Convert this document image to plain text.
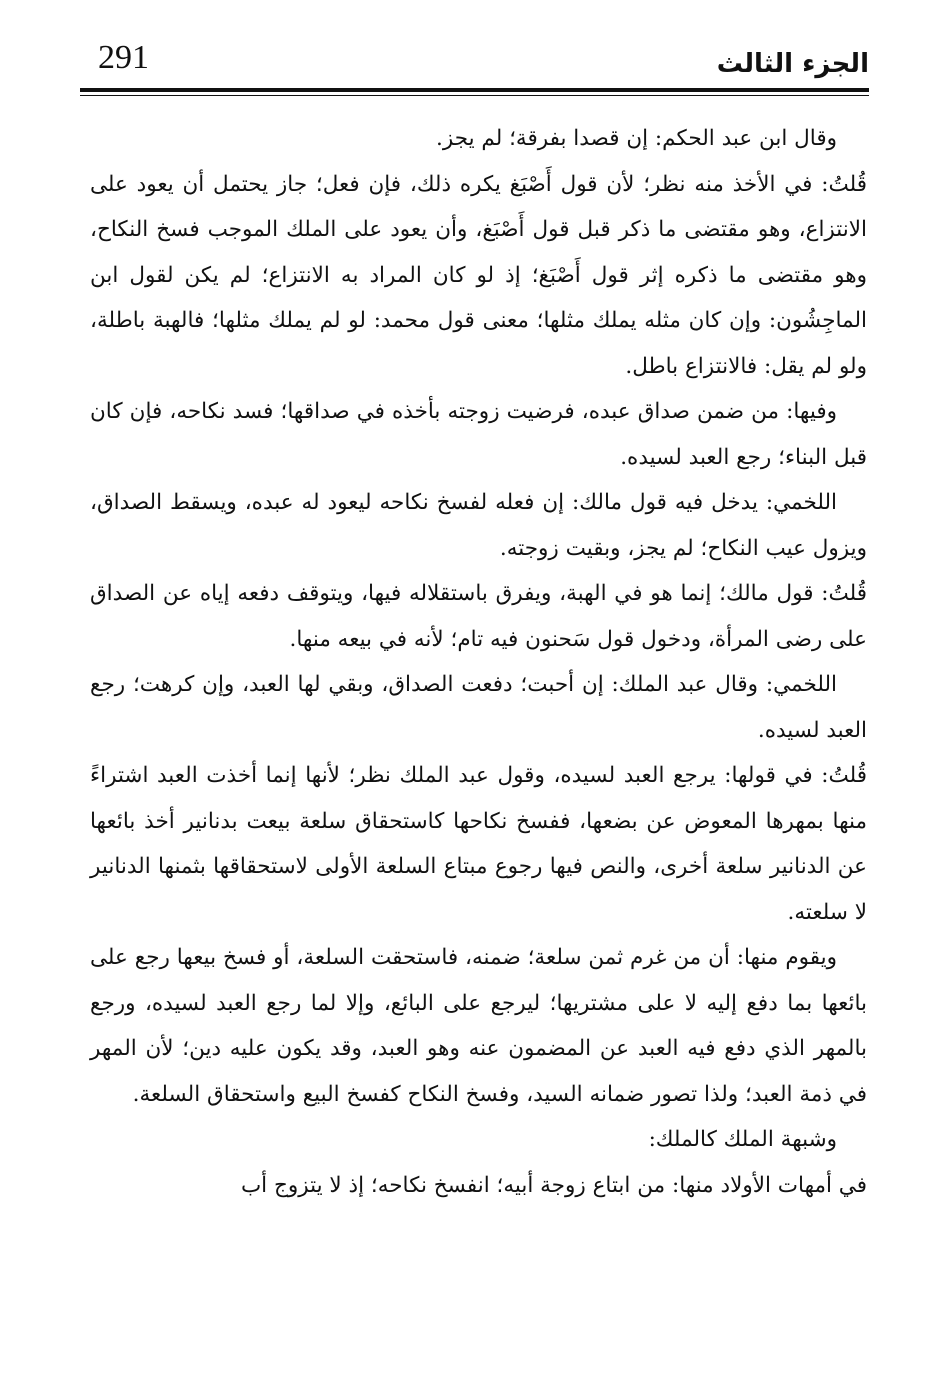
291	الجزء الثالث

وقال ابن عبد الحكم: إن قصدا بفرقة؛ لم يجز.

قُلتُ: في الأخذ منه نظر؛ لأن قول أَصْبَغ يكره ذلك، فإن فعل؛ جاز يحتمل أن يعود على الانتزاع، وهو مقتضى ما ذكر قبل قول أَصْبَغ، وأن يعود على الملك الموجب فسخ النكاح، وهو مقتضى ما ذكره إثر قول أَصْبَغ؛ إذ لو كان المراد به الانتزاع؛ لم يكن لقول ابن الماجِشُون: وإن كان مثله يملك مثلها؛ معنى قول محمد: لو لم يملك مثلها؛ فالهبة باطلة، ولو لم يقل: فالانتزاع باطل.

وفيها: من ضمن صداق عبده، فرضيت زوجته بأخذه في صداقها؛ فسد نكاحه، فإن كان قبل البناء؛ رجع العبد لسيده.

اللخمي: يدخل فيه قول مالك: إن فعله لفسخ نكاحه ليعود له عبده، ويسقط الصداق، ويزول عيب النكاح؛ لم يجز، وبقيت زوجته.

قُلتُ: قول مالك؛ إنما هو في الهبة، ويفرق باستقلاله فيها، ويتوقف دفعه إياه عن الصداق على رضى المرأة، ودخول قول سَحنون فيه تام؛ لأنه في بيعه منها.

اللخمي: وقال عبد الملك: إن أحبت؛ دفعت الصداق، وبقي لها العبد، وإن كرهت؛ رجع العبد لسيده.

قُلتُ: في قولها: يرجع العبد لسيده، وقول عبد الملك نظر؛ لأنها إنما أخذت العبد اشتراءً منها بمهرها المعوض عن بضعها، ففسخ نكاحها كاستحقاق سلعة بيعت بدنانير أخذ بائعها عن الدنانير سلعة أخرى، والنص فيها رجوع مبتاع السلعة الأولى لاستحقاقها بثمنها الدنانير لا سلعته.

ويقوم منها: أن من غرم ثمن سلعة؛ ضمنه، فاستحقت السلعة، أو فسخ بيعها رجع على بائعها بما دفع إليه لا على مشتريها؛ ليرجع على البائع، وإلا لما رجع العبد لسيده، ورجع بالمهر الذي دفع فيه العبد عن المضمون عنه وهو العبد، وقد يكون عليه دين؛ لأن المهر في ذمة العبد؛ ولذا تصور ضمانه السيد، وفسخ النكاح كفسخ البيع واستحقاق السلعة.

وشبهة الملك كالملك:

في أمهات الأولاد منها: من ابتاع زوجة أبيه؛ انفسخ نكاحه؛ إذ لا يتزوج أب
